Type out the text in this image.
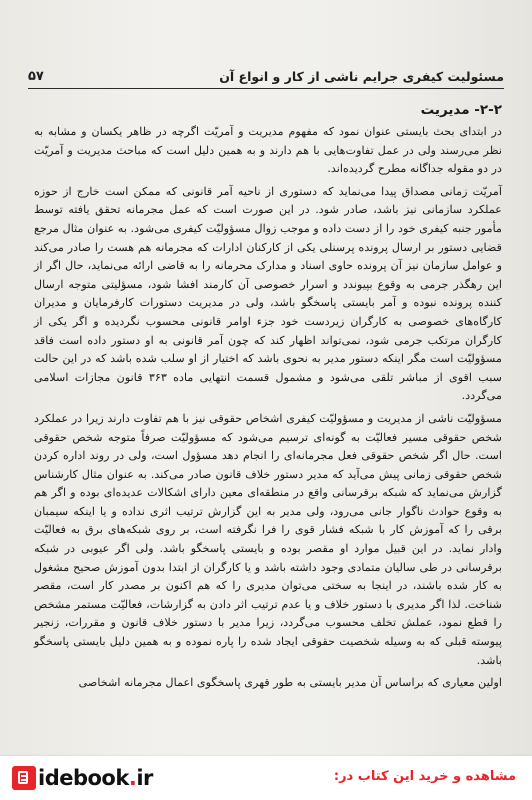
مسئولیت کیفری جرایم ناشی از کار و انواع آن
۵۷
۲-۲- مدیریت

در ابتدای بحث بایستی عنوان نمود که مفهوم مدیریت و آمریّت اگرچه در ظاهر یکسان و مشابه به نظر می‌رسند ولی در عمل تفاوت‌هایی با هم دارند و به همین دلیل است که مباحث مدیریت و آمریّت در دو مقوله جداگانه مطرح گردیده‌اند.

آمریّت زمانی مصداق پیدا می‌نماید که دستوری از ناحیه آمر قانونی که ممکن است خارج از حوزه عملکرد سازمانی نیز باشد، صادر شود. در این صورت است که عمل مجرمانه تحقق یافته توسط مأمور جنبه کیفری خود را از دست داده و موجب زوال مسؤولیّت کیفری می‌شود. به عنوان مثال مرجع قضایی دستور بر ارسال پرونده پرسنلی یکی از کارکنان ادارات که مجرمانه هم هست را صادر می‌کند و عوامل سازمان نیز آن پرونده حاوی اسناد و مدارک محرمانه را به قاضی ارائه می‌نماید، حال اگر از این رهگذر جرمی به وقوع بپیوندد و اسرار خصوصی آن کارمند افشا شود، مسؤلیتی متوجه ارسال کننده پرونده نبوده و آمر بایستی پاسخگو باشد، ولی در مدیریت دستورات کارفرمایان و مدیران کارگاه‌های خصوصی به کارگران زیردست خود جزء اوامر قانونی محسوب نگردیده و اگر یکی از کارگران مرتکب جرمی شود، نمی‌تواند اظهار کند که چون آمر قانونی به او دستور داده است فاقد مسؤولیّت است مگر اینکه دستور مدیر به نحوی باشد که اختیار از او سلب شده باشد که در این حالت سبب اقوی از مباشر تلقی می‌شود و مشمول قسمت انتهایی ماده ۳۶۳ قانون مجازات اسلامی می‌گردد.

مسؤولیّت ناشی از مدیریت و مسؤولیّت کیفری اشخاص حقوقی نیز با هم تفاوت دارند زیرا در عملکرد شخص حقوقی مسیر فعالیّت به گونه‌ای ترسیم می‌شود که مسؤولیّت صرفاً متوجه شخص حقوقی است. حال اگر شخص حقوقی فعل مجرمانه‌ای را انجام دهد مسؤول است، ولی در روند اداره کردن شخص حقوقی زمانی پیش می‌آید که مدیر دستور خلاف قانون صادر می‌کند. به عنوان مثال کارشناس گزارش می‌نماید که شبکه برقرسانی واقع در منطقه‌ای معین دارای اشکالات عدیده‌ای بوده و اگر هم به وقوع حوادث ناگوار جانی می‌رود، ولی مدیر به این گزارش ترتیب اثری نداده و یا اینکه سیمبان برقی را که آموزش کار با شبکه فشار قوی را فرا نگرفته است، بر روی شبکه‌های برق به فعالیّت وادار نماید. در این قبیل موارد او مقصر بوده و بایستی پاسخگو باشد. ولی اگر عیوبی در شبکه برقرسانی در طی سالیان متمادی وجود داشته باشد و یا کارگران از ابتدا بدون آموزش صحیح مشغول به کار شده باشند، در اینجا به سختی می‌توان مدیری را که هم اکنون بر مصدر کار است، مقصر شناخت. لذا اگر مدیری با دستور خلاف و یا عدم ترتیب اثر دادن به گزارشات، فعالیّت مستمر مشخص را قطع نمود، عملش تخلف محسوب می‌گردد، زیرا مدیر با دستور خلاف قانون و مقررات، زنجیر پیوسته قبلی که به وسیله شخصیت حقوقی ایجاد شده را پاره نموده و به همین دلیل بایستی پاسخگو باشد.

اولین معیاری که براساس آن مدیر بایستی به طور قهری پاسخگوی اعمال مجرمانه اشخاصی

idebook.ir	مشاهده و خرید این کتاب در:
